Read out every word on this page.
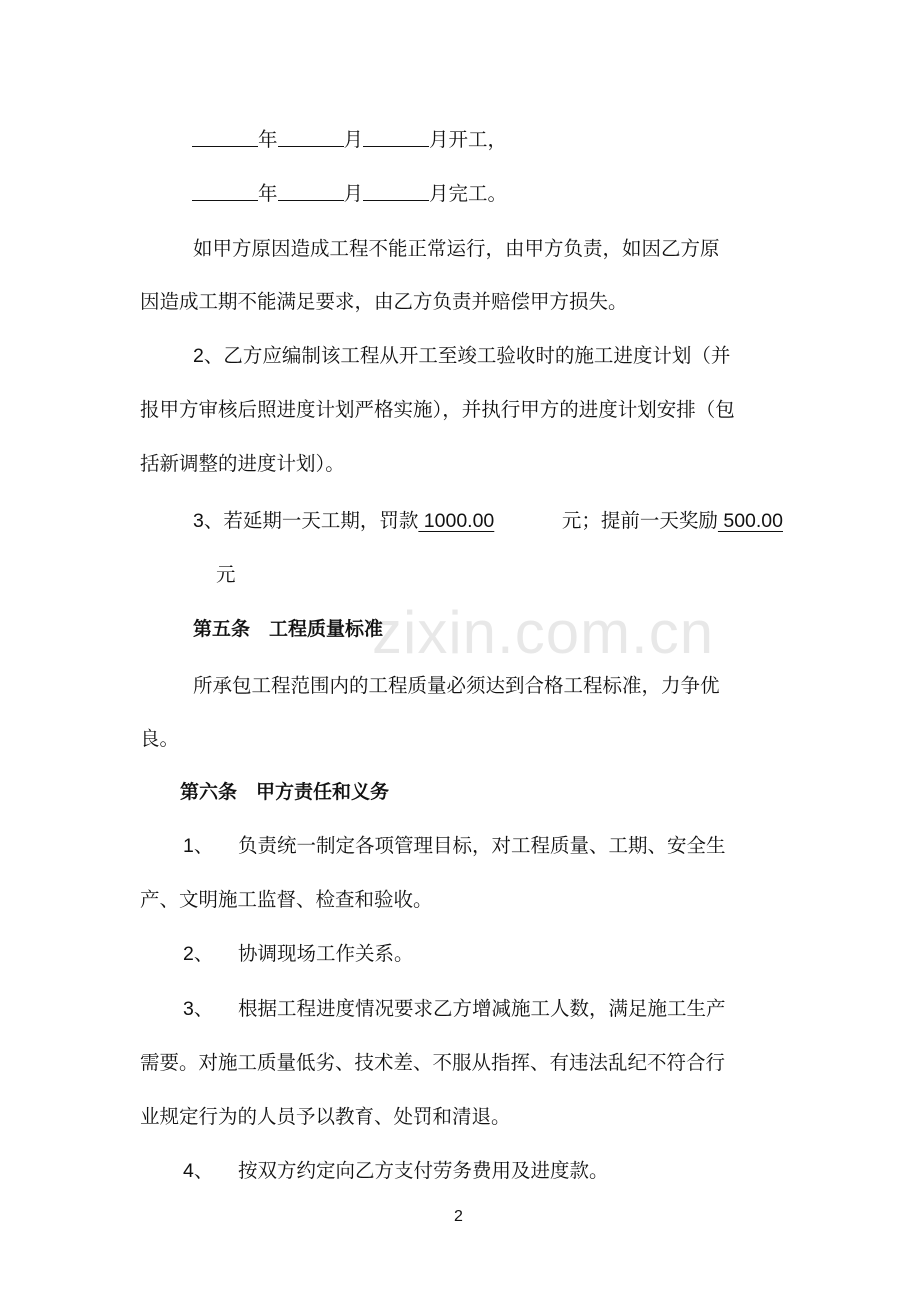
年	月	月开工，
年	月	月完工。
如甲方原因造成工程不能正常运行，由甲方负责，如因乙方原
因造成工期不能满足要求，由乙方负责并赔偿甲方损失。
2、乙方应编制该工程从开工至竣工验收时的施工进度计划（并
报甲方审核后照进度计划严格实施），并执行甲方的进度计划安排（包
括新调整的进度计划）。
3、若延期一天工期，罚款 1000.00	元；提前一天奖励 500.00
元
第五条　工程质量标准
所承包工程范围内的工程质量必须达到合格工程标准，力争优
良。
第六条　甲方责任和义务
1、 负责统一制定各项管理目标，对工程质量、工期、安全生
产、文明施工监督、检查和验收。
2、 协调现场工作关系。
3、 根据工程进度情况要求乙方增减施工人数，满足施工生产
需要。对施工质量低劣、技术差、不服从指挥、有违法乱纪不符合行
业规定行为的人员予以教育、处罚和清退。
4、 按双方约定向乙方支付劳务费用及进度款。
zixin.com.cn
2
